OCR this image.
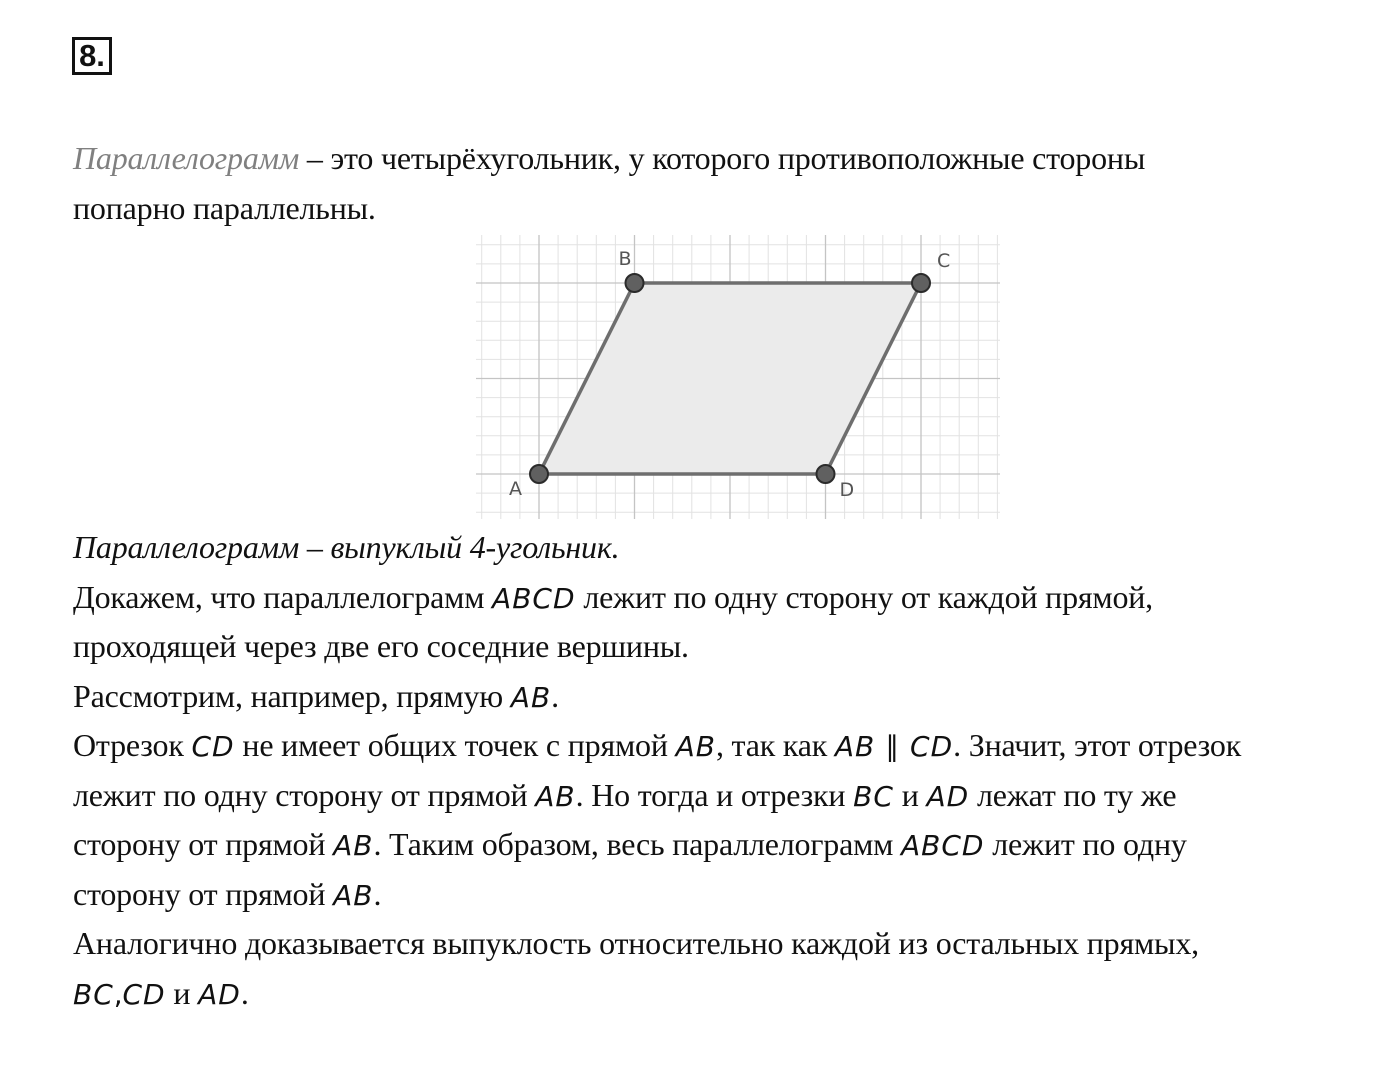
8.
Параллелограмм – это четырёхугольник, у которого противоположные стороны
попарно параллельны.
A
B	C
D
Параллелограмм – выпуклый 4-угольник.
Докажем, что параллелограмм ABCD лежит по одну сторону от каждой прямой,
проходящей через две его соседние вершины.
Рассмотрим, например, прямую AB.
Отрезок CD не имеет общих точек с прямой AB, так как AB ∥ CD. Значит, этот отрезок
лежит по одну сторону от прямой AB. Но тогда и отрезки BC и AD лежат по ту же
сторону от прямой AB. Таким образом, весь параллелограмм ABCD лежит по одну
сторону от прямой AB.
Аналогично доказывается выпуклость относительно каждой из остальных прямых,
BC,CD и AD.
